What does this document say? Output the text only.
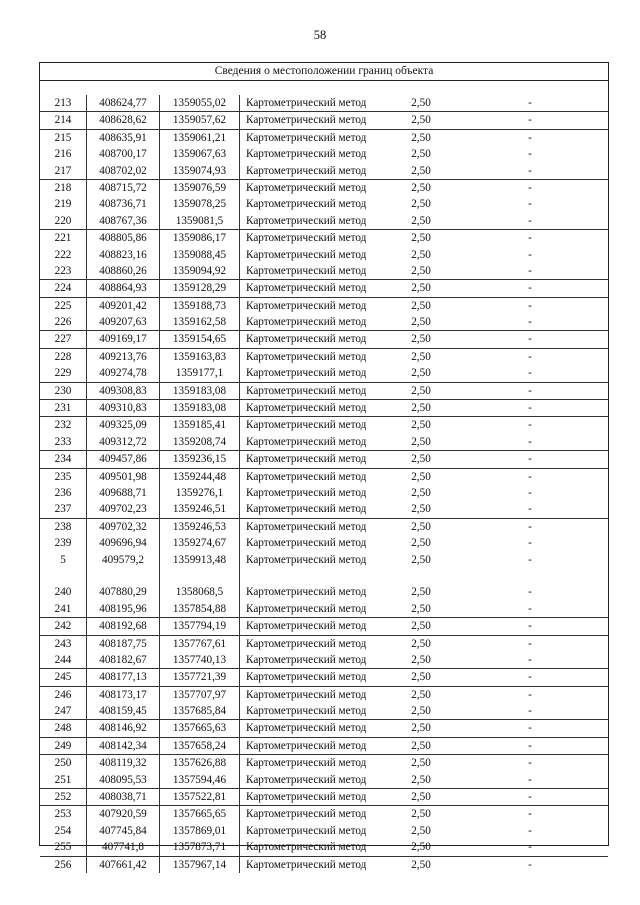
58
Сведения о местоположении границ объекта
213	408624,77	1359055,02	Картометрический метод	2,50	-
214	408628,62	1359057,62	Картометрический метод	2,50	-
215	408635,91	1359061,21	Картометрический метод	2,50	-
216	408700,17	1359067,63	Картометрический метод	2,50	-
217	408702,02	1359074,93	Картометрический метод	2,50	-
218	408715,72	1359076,59	Картометрический метод	2,50	-
219	408736,71	1359078,25	Картометрический метод	2,50	-
220	408767,36	1359081,5	Картометрический метод	2,50	-
221	408805,86	1359086,17	Картометрический метод	2,50	-
222	408823,16	1359088,45	Картометрический метод	2,50	-
223	408860,26	1359094,92	Картометрический метод	2,50	-
224	408864,93	1359128,29	Картометрический метод	2,50	-
225	409201,42	1359188,73	Картометрический метод	2,50	-
226	409207,63	1359162,58	Картометрический метод	2,50	-
227	409169,17	1359154,65	Картометрический метод	2,50	-
228	409213,76	1359163,83	Картометрический метод	2,50	-
229	409274,78	1359177,1	Картометрический метод	2,50	-
230	409308,83	1359183,08	Картометрический метод	2,50	-
231	409310,83	1359183,08	Картометрический метод	2,50	-
232	409325,09	1359185,41	Картометрический метод	2,50	-
233	409312,72	1359208,74	Картометрический метод	2,50	-
234	409457,86	1359236,15	Картометрический метод	2,50	-
235	409501,98	1359244,48	Картометрический метод	2,50	-
236	409688,71	1359276,1	Картометрический метод	2,50	-
237	409702,23	1359246,51	Картометрический метод	2,50	-
238	409702,32	1359246,53	Картометрический метод	2,50	-
239	409696,94	1359274,67	Картометрический метод	2,50	-
5	409579,2	1359913,48	Картометрический метод	2,50	-
240	407880,29	1358068,5	Картометрический метод	2,50	-
241	408195,96	1357854,88	Картометрический метод	2,50	-
242	408192,68	1357794,19	Картометрический метод	2,50	-
243	408187,75	1357767,61	Картометрический метод	2,50	-
244	408182,67	1357740,13	Картометрический метод	2,50	-
245	408177,13	1357721,39	Картометрический метод	2,50	-
246	408173,17	1357707,97	Картометрический метод	2,50	-
247	408159,45	1357685,84	Картометрический метод	2,50	-
248	408146,92	1357665,63	Картометрический метод	2,50	-
249	408142,34	1357658,24	Картометрический метод	2,50	-
250	408119,32	1357626,88	Картометрический метод	2,50	-
251	408095,53	1357594,46	Картометрический метод	2,50	-
252	408038,71	1357522,81	Картометрический метод	2,50	-
253	407920,59	1357665,65	Картометрический метод	2,50	-
254	407745,84	1357869,01	Картометрический метод	2,50	-
255	407741,8	1357873,71	Картометрический метод	2,50	-
256	407661,42	1357967,14	Картометрический метод	2,50	-
